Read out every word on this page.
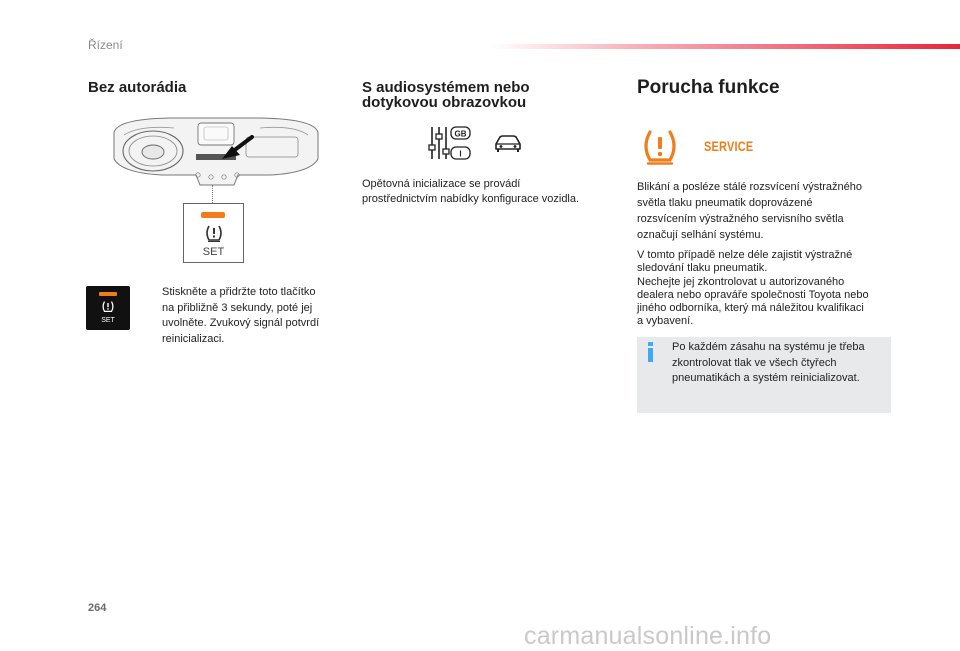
Řízení
Bez autorádia
SET
SET
Stiskněte a přidržte toto tlačítko
na přibližně 3 sekundy, poté jej
uvolněte. Zvukový signál potvrdí
reinicializaci.
S audiosystémem nebo
dotykovou obrazovkou
GB
I
Opětovná inicializace se provádí
prostřednictvím nabídky konfigurace vozidla.
Porucha funkce
SERVICE
Blikání a posléze stálé rozsvícení výstražného
světla tlaku pneumatik doprovázené
rozsvícením výstražného servisního světla
označují selhání systému.
V tomto případě nelze déle zajistit výstražné
sledování tlaku pneumatik.
Nechejte jej zkontrolovat u autorizovaného
dealera nebo opravářе společnosti Toyota nebo
jiného odborníka, který má náležitou kvalifikaci
a vybavení.
Po každém zásahu na systému je třeba
zkontrolovat tlak ve všech čtyřech
pneumatikách a systém reinicializovat.
264
carmanualsonline.info
